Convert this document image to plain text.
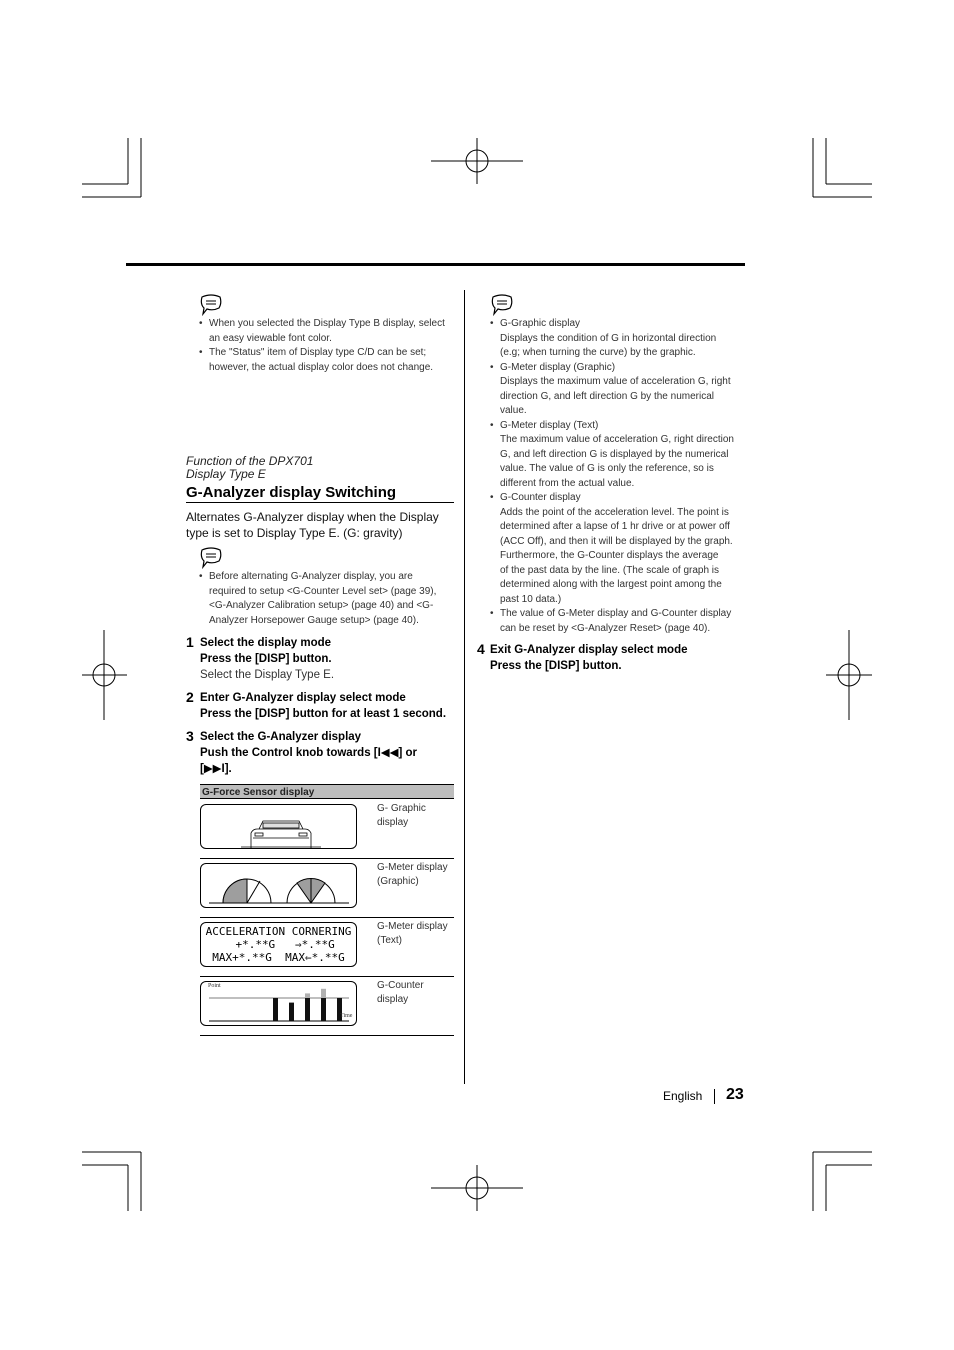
• When you selected the Display Type B display, select
an easy viewable font color.
• The "Status" item of Display type C/D can be set;
however, the actual display color does not change.
Function of the DPX701
Display Type E
G-Analyzer display Switching
Alternates G-Analyzer display when the Display
type is set to Display Type E. (G: gravity)
• Before alternating G-Analyzer display, you are
required to setup <G-Counter Level set> (page 39),
<G-Analyzer Calibration setup> (page 40) and <G-
Analyzer Horsepower Gauge setup> (page 40).
1 Select the display mode
Press the [DISP] button.
Select the Display Type E.
2 Enter G-Analyzer display select mode
Press the [DISP] button for at least 1 second.
3 Select the G-Analyzer display
Push the Control knob towards [I◀◀] or
[▶▶I].
G-Force Sensor display
G- Graphic display
G-Meter display
(Graphic)
ACCELERATION CORNERING
+*.**G   ⇒*.**G
MAX+*.**G  MAX⇐*.**G
G-Meter display
(Text)
Point
Time
G-Counter display
• G-Graphic display
Displays the condition of G in horizontal direction
(e.g; when turning the curve) by the graphic.
• G-Meter display (Graphic)
Displays the maximum value of acceleration G, right
direction G, and left direction G by the numerical
value.
• G-Meter display (Text)
The maximum value of acceleration G, right direction
G, and left direction G is displayed by the numerical
value. The value of G is only the reference, so is
different from the actual value.
• G-Counter display
Adds the point of the acceleration level. The point is
determined after a lapse of 1 hr drive or at power off
(ACC Off), and then it will be displayed by the graph.
Furthermore, the G-Counter displays the average
of the past data by the line. (The scale of graph is
determined along with the largest point among the
past 10 data.)
• The value of G-Meter display and G-Counter display
can be reset by <G-Analyzer Reset> (page 40).
4 Exit G-Analyzer display select mode
Press the [DISP] button.
English 23
